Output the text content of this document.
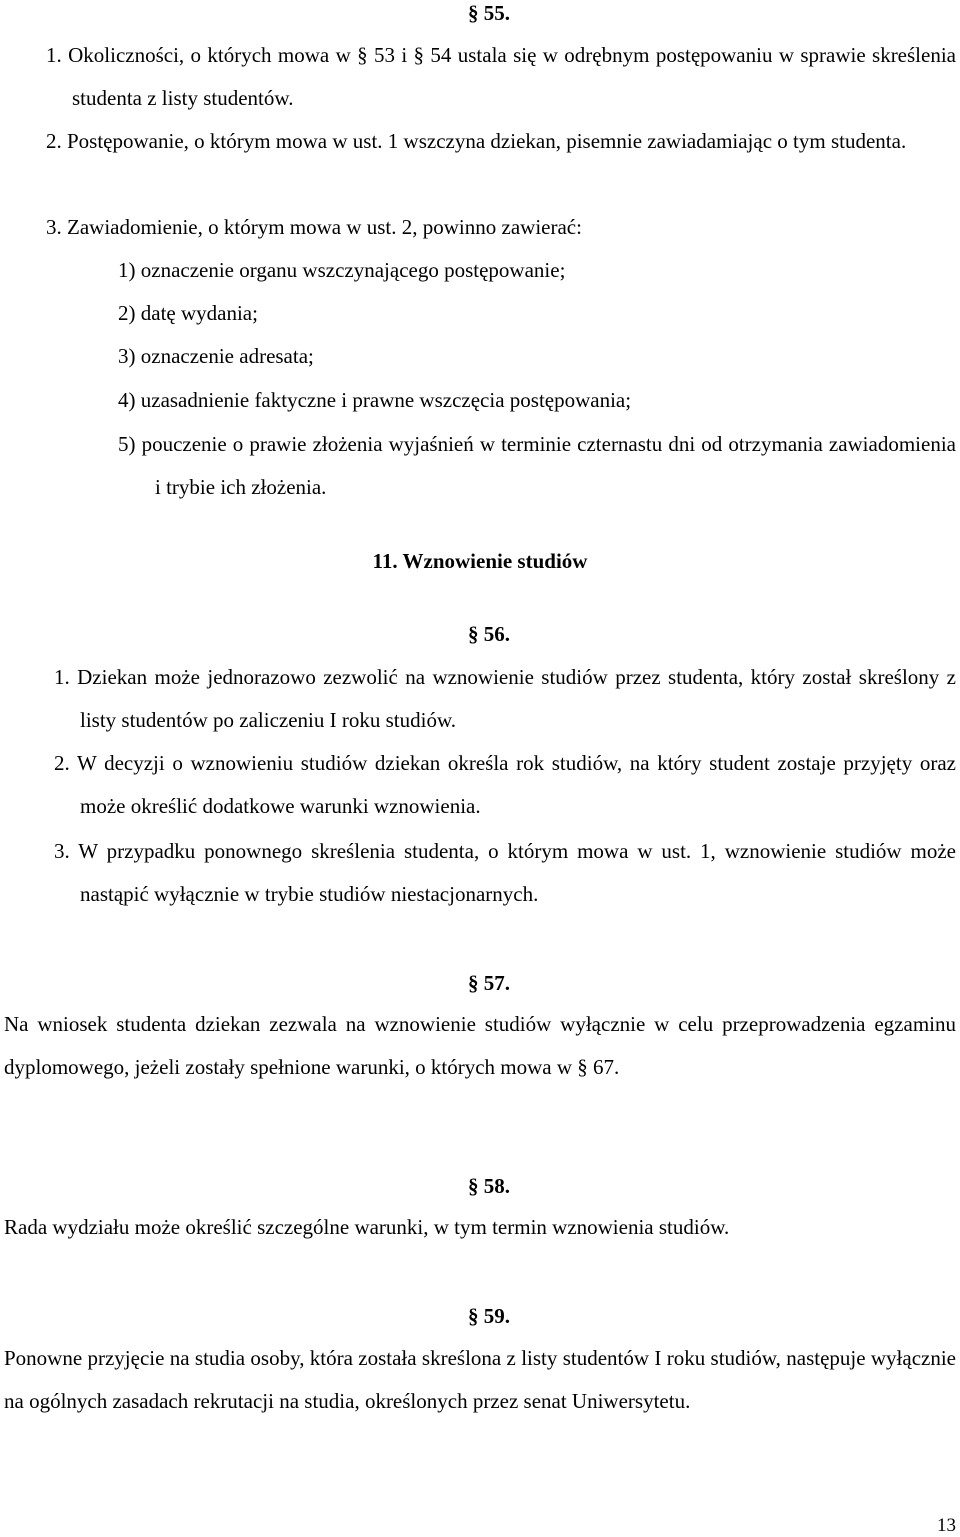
§ 55.

1. Okoliczności, o których mowa w § 53 i § 54 ustala się w odrębnym postępowaniu w sprawie skreślenia studenta z listy studentów.

2. Postępowanie, o którym mowa w ust. 1 wszczyna dziekan, pisemnie zawiadamiając o tym studenta.

3. Zawiadomienie, o którym mowa w ust. 2, powinno zawierać:

1) oznaczenie organu wszczynającego postępowanie;

2) datę wydania;

3) oznaczenie adresata;

4) uzasadnienie faktyczne i prawne wszczęcia postępowania;

5) pouczenie o prawie złożenia wyjaśnień w terminie czternastu dni od otrzymania zawiadomienia i trybie ich złożenia.

11. Wznowienie studiów

§ 56.

1. Dziekan może jednorazowo zezwolić na wznowienie studiów przez studenta, który został skreślony z listy studentów po zaliczeniu I roku studiów.

2. W decyzji o wznowieniu studiów dziekan określa rok studiów, na który student zostaje przyjęty oraz może określić dodatkowe warunki wznowienia.

3. W przypadku ponownego skreślenia studenta, o którym mowa w ust. 1, wznowienie studiów może nastąpić wyłącznie w trybie studiów niestacjonarnych.

§ 57.

Na wniosek studenta dziekan zezwala na wznowienie studiów wyłącznie w celu przeprowadzenia egzaminu dyplomowego, jeżeli zostały spełnione warunki, o których mowa w § 67.

§ 58.

Rada wydziału może określić szczególne warunki, w tym termin wznowienia studiów.

§ 59.

Ponowne przyjęcie na studia osoby, która została skreślona z listy studentów I roku studiów, następuje wyłącznie na ogólnych zasadach rekrutacji na studia, określonych przez senat Uniwersytetu.

13
